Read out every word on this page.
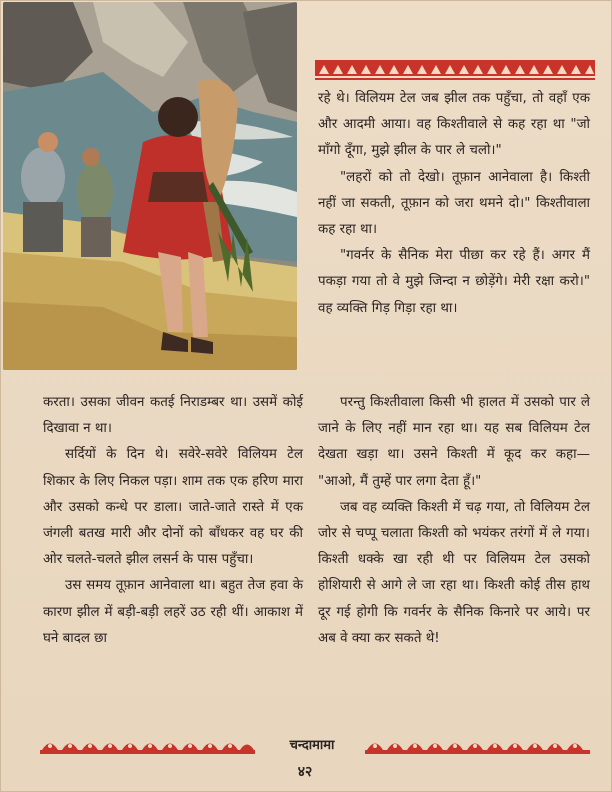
रहे थे। विलियम टेल जब झील तक पहुँचा, तो वहाँ एक और आदमी आया। वह किश्तीवाले से कह रहा था "जो माँगो दूँगा, मुझे झील के पार ले चलो।"

"लहरों को तो देखो। तूफ़ान आनेवाला है। किश्ती नहीं जा सकती, तूफ़ान को जरा थमने दो।" किश्तीवाला कह रहा था।

"गवर्नर के सैनिक मेरा पीछा कर रहे हैं। अगर मैं पकड़ा गया तो वे मुझे जिन्दा न छोड़ेंगे। मेरी रक्षा करो।" वह व्यक्ति गिड़ गिड़ा रहा था।

करता। उसका जीवन कतई निराडम्बर था। उसमें कोई दिखावा न था।

सर्दियों के दिन थे। सवेरे-सवेरे विलियम टेल शिकार के लिए निकल पड़ा। शाम तक एक हरिण मारा और उसको कन्धे पर डाला। जाते-जाते रास्ते में एक जंगली बतख मारी और दोनों को बाँधकर वह घर की ओर चलते-चलते झील लसर्न के पास पहुँचा।

उस समय तूफ़ान आनेवाला था। बहुत तेज हवा के कारण झील में बड़ी-बड़ी लहरें उठ रही थीं। आकाश में घने बादल छा

परन्तु किश्तीवाला किसी भी हालत में उसको पार ले जाने के लिए नहीं मान रहा था। यह सब विलियम टेल देखता खड़ा था। उसने किश्ती में कूद कर कहा— "आओ, मैं तुम्हें पार लगा देता हूँ।"

जब वह व्यक्ति किश्ती में चढ़ गया, तो विलियम टेल जोर से चप्पू चलाता किश्ती को भयंकर तरंगों में ले गया। किश्ती धक्के खा रही थी पर विलियम टेल उसको होशियारी से आगे ले जा रहा था। किश्ती कोई तीस हाथ दूर गई होगी कि गवर्नर के सैनिक किनारे पर आये। पर अब वे क्या कर सकते थे!

चन्दामामा
४२
